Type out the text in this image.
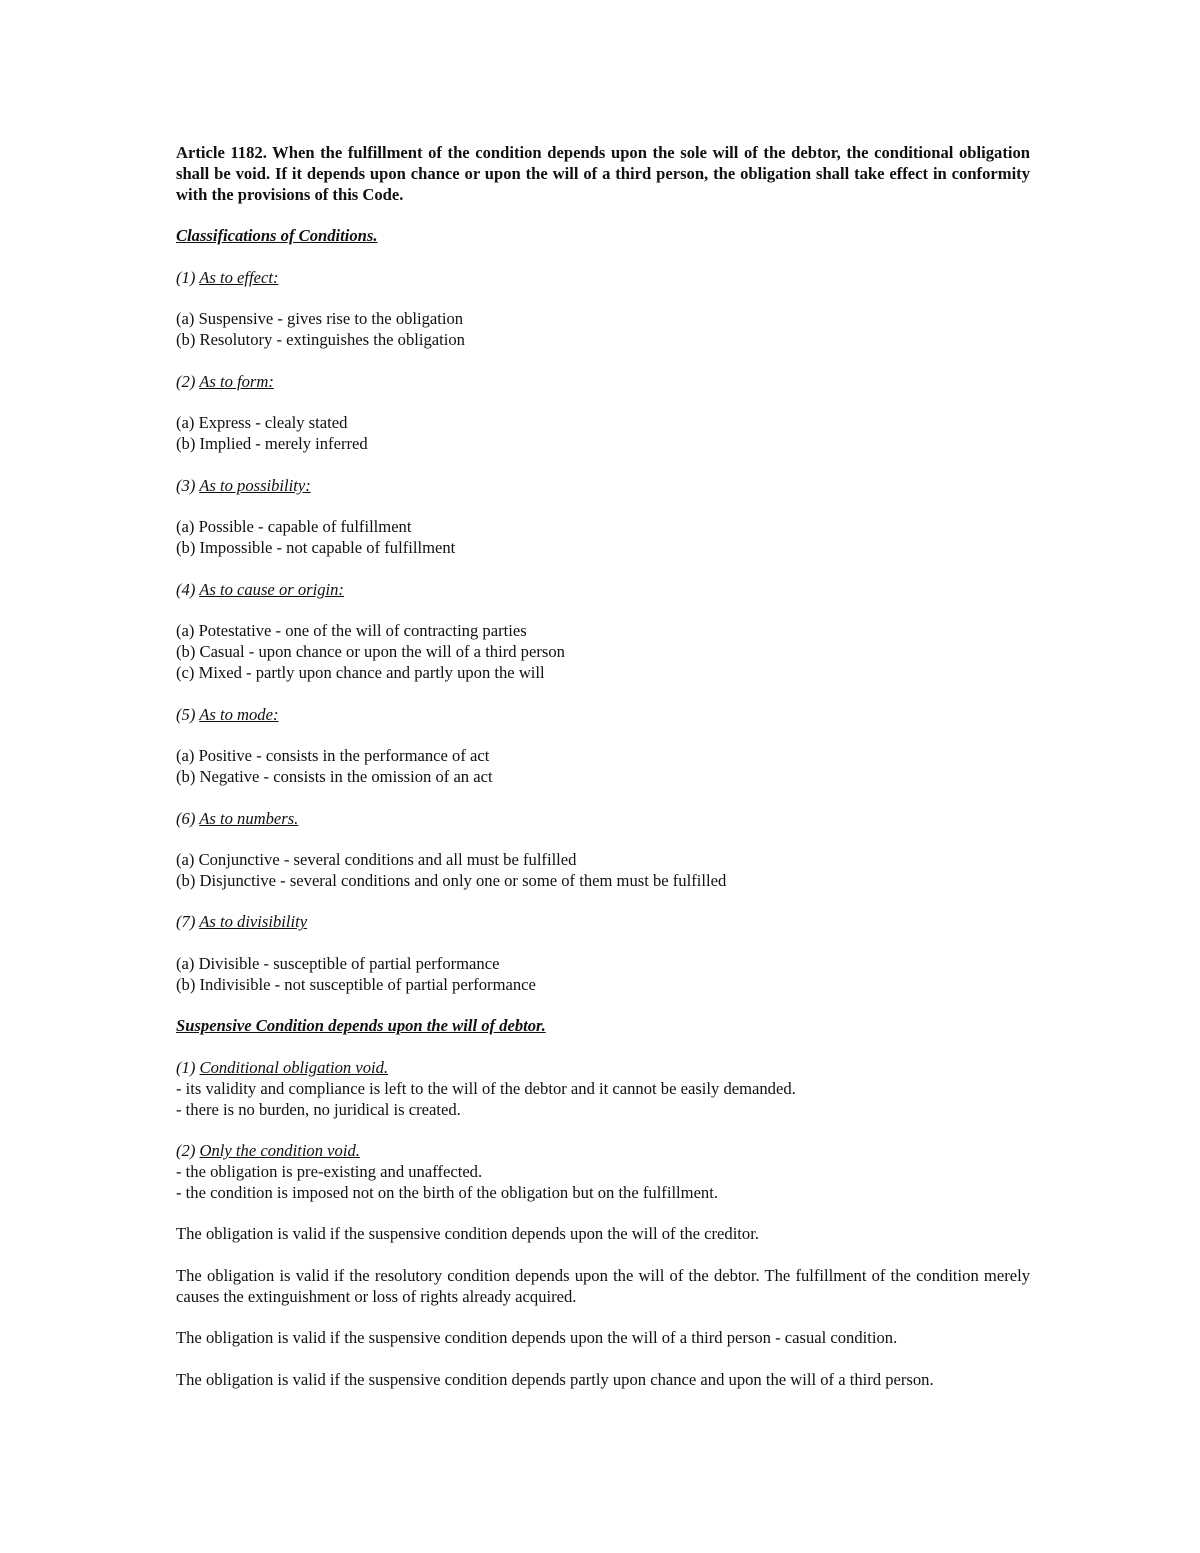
Article 1182. When the fulfillment of the condition depends upon the sole will of the debtor, the conditional obligation shall be void. If it depends upon chance or upon the will of a third person, the obligation shall take effect in conformity with the provisions of this Code.

Classifications of Conditions.

(1) As to effect:

(a) Suspensive - gives rise to the obligation

(b) Resolutory - extinguishes the obligation

(2) As to form:

(a) Express - clealy stated

(b) Implied - merely inferred

(3) As to possibility:

(a) Possible - capable of fulfillment

(b) Impossible - not capable of fulfillment

(4) As to cause or origin:

(a) Potestative - one of the will of contracting parties

(b) Casual - upon chance or upon the will of a third person

(c) Mixed - partly upon chance and partly upon the will

(5) As to mode:

(a) Positive - consists in the performance of act

(b) Negative - consists in the omission of an act

(6) As to numbers.

(a) Conjunctive - several conditions and all must be fulfilled

(b) Disjunctive - several conditions and only one or some of them must be fulfilled

(7) As to divisibility

(a) Divisible - susceptible of partial performance

(b) Indivisible - not susceptible of partial performance

Suspensive Condition depends upon the will of debtor.

(1) Conditional obligation void.

- its validity and compliance is left to the will of the debtor and it cannot be easily demanded.

- there is no burden, no juridical is created.

(2) Only the condition void.

- the obligation is pre-existing and unaffected.

- the condition is imposed not on the birth of the obligation but on the fulfillment.

The obligation is valid if the suspensive condition depends upon the will of the creditor.

The obligation is valid if the resolutory condition depends upon the will of the debtor. The fulfillment of the condition merely causes the extinguishment or loss of rights already acquired.

The obligation is valid if the suspensive condition depends upon the will of a third person - casual condition.

The obligation is valid if the suspensive condition depends partly upon chance and upon the will of a third person.
